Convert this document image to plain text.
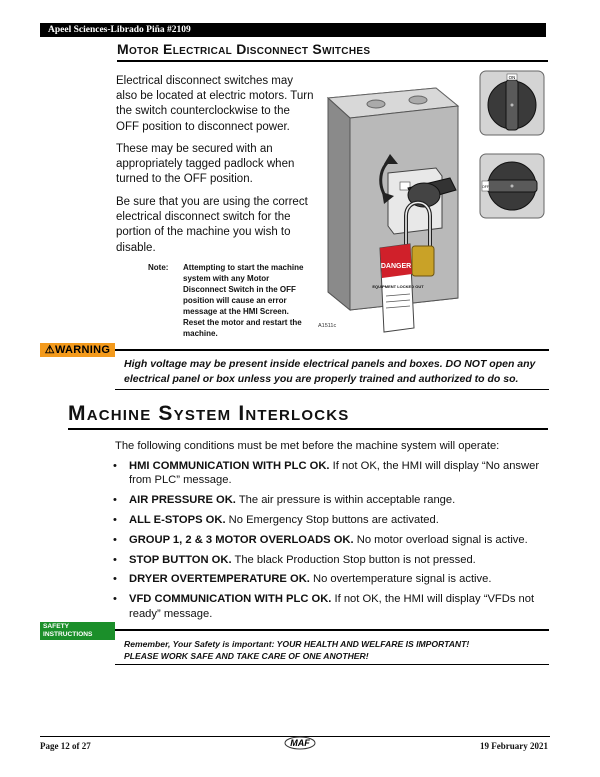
Apeel Sciences-Librado Piña #2109
Motor Electrical Disconnect Switches
Electrical disconnect switches may also be located at electric motors. Turn the switch counterclockwise to the OFF position to disconnect power.
These may be secured with an appropriately tagged padlock when turned to the OFF position.
Be sure that you are using the correct electrical disconnect switch for the portion of the machine you wish to disable.
Note: Attempting to start the machine system with any Motor Disconnect Switch in the OFF position will cause an error message at the HMI Screen. Reset the motor and restart the machine.
DANGER
EQUIPMENT LOCKED OUT
A1511c
ON
OFF
⚠WARNING
High voltage may be present inside electrical panels and boxes. DO NOT open any electrical panel or box unless you are properly trained and authorized to do so.
Machine System Interlocks
The following conditions must be met before the machine system will operate:
• HMI COMMUNICATION WITH PLC OK. If not OK, the HMI will display “No answer from PLC” message.
• AIR PRESSURE OK. The air pressure is within acceptable range.
• ALL E-STOPS OK. No Emergency Stop buttons are activated.
• GROUP 1, 2 & 3 MOTOR OVERLOADS OK. No motor overload signal is active.
• STOP BUTTON OK. The black Production Stop button is not pressed.
• DRYER OVERTEMPERATURE OK. No overtemperature signal is active.
• VFD COMMUNICATION WITH PLC OK. If not OK, the HMI will display “VFDs not ready” message.
SAFETY
INSTRUCTIONS
Remember, Your Safety is important: YOUR HEALTH AND WELFARE IS IMPORTANT!
PLEASE WORK SAFE AND TAKE CARE OF ONE ANOTHER!
Page 12 of 27	MAF	19 February 2021
